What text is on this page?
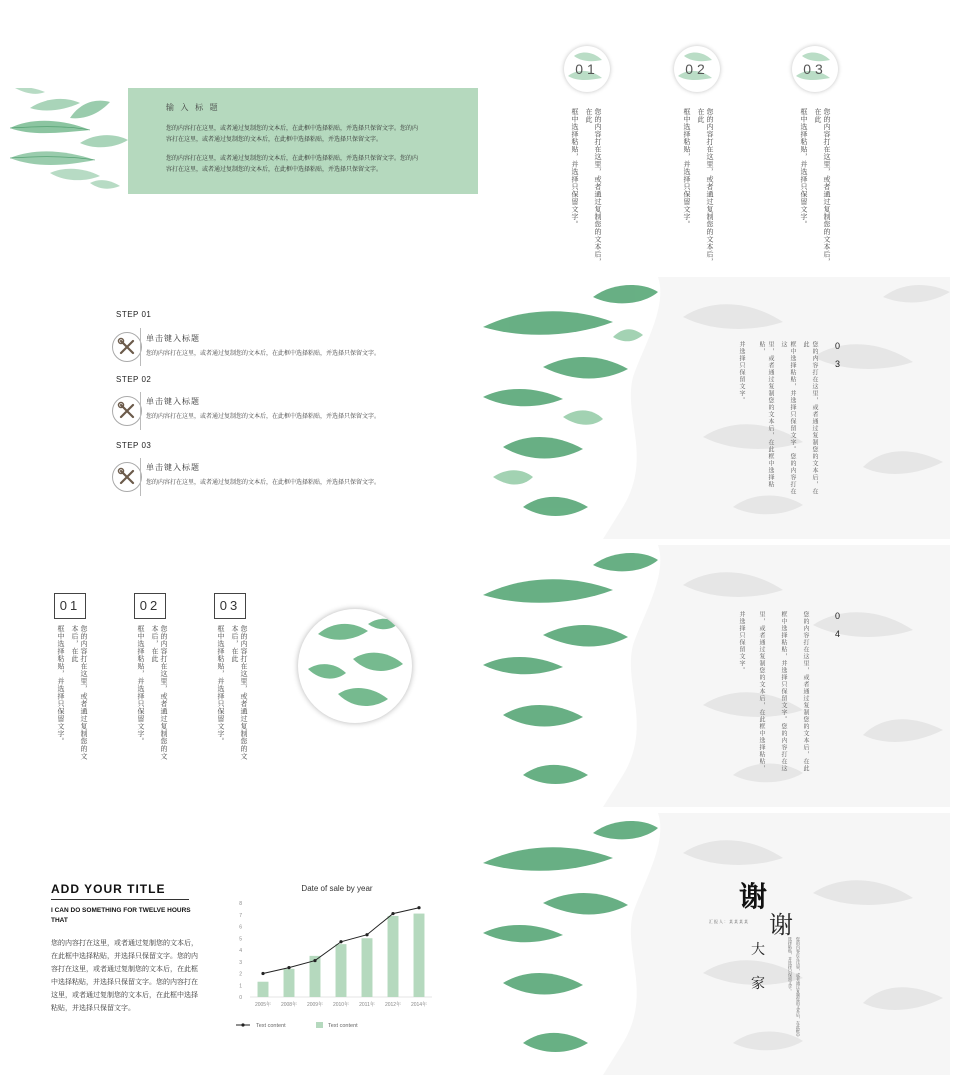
输 入 标 题
您的内容打在这里，或者通过复制您的文本后，在此框中选择粘贴，并选择只保留文字。您的内容打在这里，或者通过复制您的文本后，在此框中选择粘贴，并选择只保留文字。
您的内容打在这里，或者通过复制您的文本后，在此框中选择粘贴，并选择只保留文字。您的内容打在这里，或者通过复制您的文本后，在此框中选择粘贴，并选择只保留文字。
01
您的内容打在这里，或者通过复制您的文本后，在此
框中选择粘贴，并选择只保留文字。
02
您的内容打在这里，或者通过复制您的文本后，在此
框中选择粘贴，并选择只保留文字。
03
您的内容打在这里，或者通过复制您的文本后，在此
框中选择粘贴，并选择只保留文字。
STEP 01
单击键入标题
您的内容打在这里，或者通过复制您的文本后，在此框中选择粘贴，并选择只保留文字。
STEP 02
单击键入标题
您的内容打在这里，或者通过复制您的文本后，在此框中选择粘贴，并选择只保留文字。
STEP 03
单击键入标题
您的内容打在这里，或者通过复制您的文本后，在此框中选择粘贴，并选择只保留文字。
0
3
您的内容打在这里，或者通过复制您的文本后，在此
框中选择粘贴，并选择只保留文字。您的内容打在这
里，或者通过复制您的文本后，在此框中选择粘贴，
并选择只保留文字。
01
您的内容打在这里，或者通过复制您的文本后，在此
框中选择粘贴，并选择只保留文字。
02
您的内容打在这里，或者通过复制您的文本后，在此
框中选择粘贴，并选择只保留文字。
03
您的内容打在这里，或者通过复制您的文本后，在此
框中选择粘贴，并选择只保留文字。
0
4
您的内容打在这里，或者通过复制您的文本后，在此
框中选择粘贴，并选择只保留文字。您的内容打在这
里，或者通过复制您的文本后，在此框中选择粘贴，
并选择只保留文字。
ADD YOUR TITLE
I CAN DO SOMETHING FOR TWELVE HOURS THAT
您的内容打在这里，或者通过复制您的文本后，在此框中选择粘贴，并选择只保留文字。您的内容打在这里，或者通过复制您的文本后，在此框中选择粘贴，并选择只保留文字。您的内容打在这里，或者通过复制您的文本后，在此框中选择粘贴，并选择只保留文字。
Date of sale by year
0
1
2
3
4
5
6
7
8
2005年 2008年 2009年 2010年 2011年 2012年 2014年
Text content	Text content
谢
谢
大
家
汇报人：某某某某
您的内容打在这里，或者通过复制您的文本后，在此框中
选择粘贴，并选择只保留文字。
